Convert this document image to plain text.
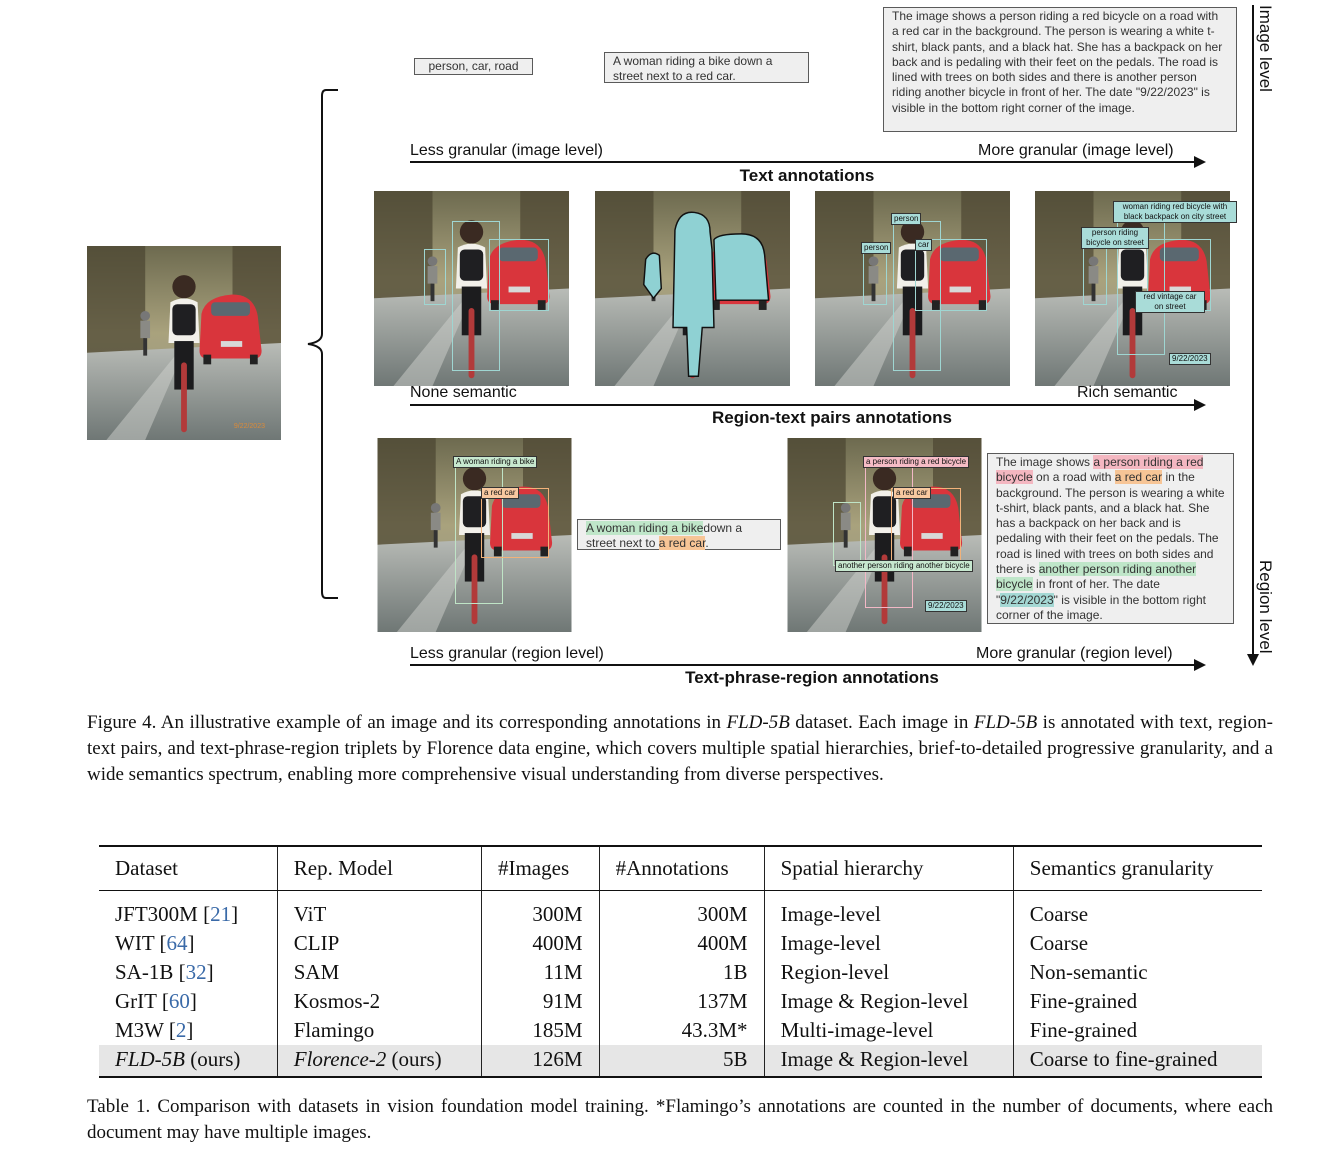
person, car, road	A woman riding a bike down a street next to a red car.
The image shows a person riding a red bicycle on a road with a red car in the background. The person is wearing a white t-shirt, black pants, and a black hat. She has a backpack on her back and is pedaling with their feet on the pedals. The road is lined with trees on both sides and there is another person riding another bicycle in front of her. The date "9/22/2023" is visible in the bottom right corner of the image.
Less granular (image level)	More granular (image level)
Text annotations
9/22/2023
person
person	car
woman riding red bicycle with black backpack on city street
person riding bicycle on street
red vintage car on street
9/22/2023
None semantic	Rich semantic
Region-text pairs annotations
A woman riding a bike
a red car
A woman riding a bikedown a street next to a red car.
a person riding a red bicycle
a red car
another person riding another bicycle
9/22/2023
The image shows a person riding a red bicycle on a road with a red car in the background. The person is wearing a white t-shirt, black pants, and a black hat. She has a backpack on her back and is pedaling with their feet on the pedals. The road is lined with trees on both sides and there is another person riding another bicycle in front of her. The date "9/22/2023" is visible in the bottom right corner of the image.
Less granular (region level)	More granular (region level)
Text-phrase-region annotations
Image level
Region level
Figure 4. An illustrative example of an image and its corresponding annotations in FLD-5B dataset. Each image in FLD-5B is annotated with text, region-text pairs, and text-phrase-region triplets by Florence data engine, which covers multiple spatial hierarchies, brief-to-detailed progressive granularity, and a wide semantics spectrum, enabling more comprehensive visual understanding from diverse perspectives.
Dataset	Rep. Model	#Images	#Annotations	Spatial hierarchy	Semantics granularity
JFT300M [21]	ViT	300M	300M	Image-level	Coarse
WIT [64]	CLIP	400M	400M	Image-level	Coarse
SA-1B [32]	SAM	11M	1B	Region-level	Non-semantic
GrIT [60]	Kosmos-2	91M	137M	Image & Region-level	Fine-grained
M3W [2]	Flamingo	185M	43.3M*	Multi-image-level	Fine-grained
FLD-5B (ours)	Florence-2 (ours)	126M	5B	Image & Region-level	Coarse to fine-grained
Table 1. Comparison with datasets in vision foundation model training. *Flamingo’s annotations are counted in the number of documents, where each document may have multiple images.
